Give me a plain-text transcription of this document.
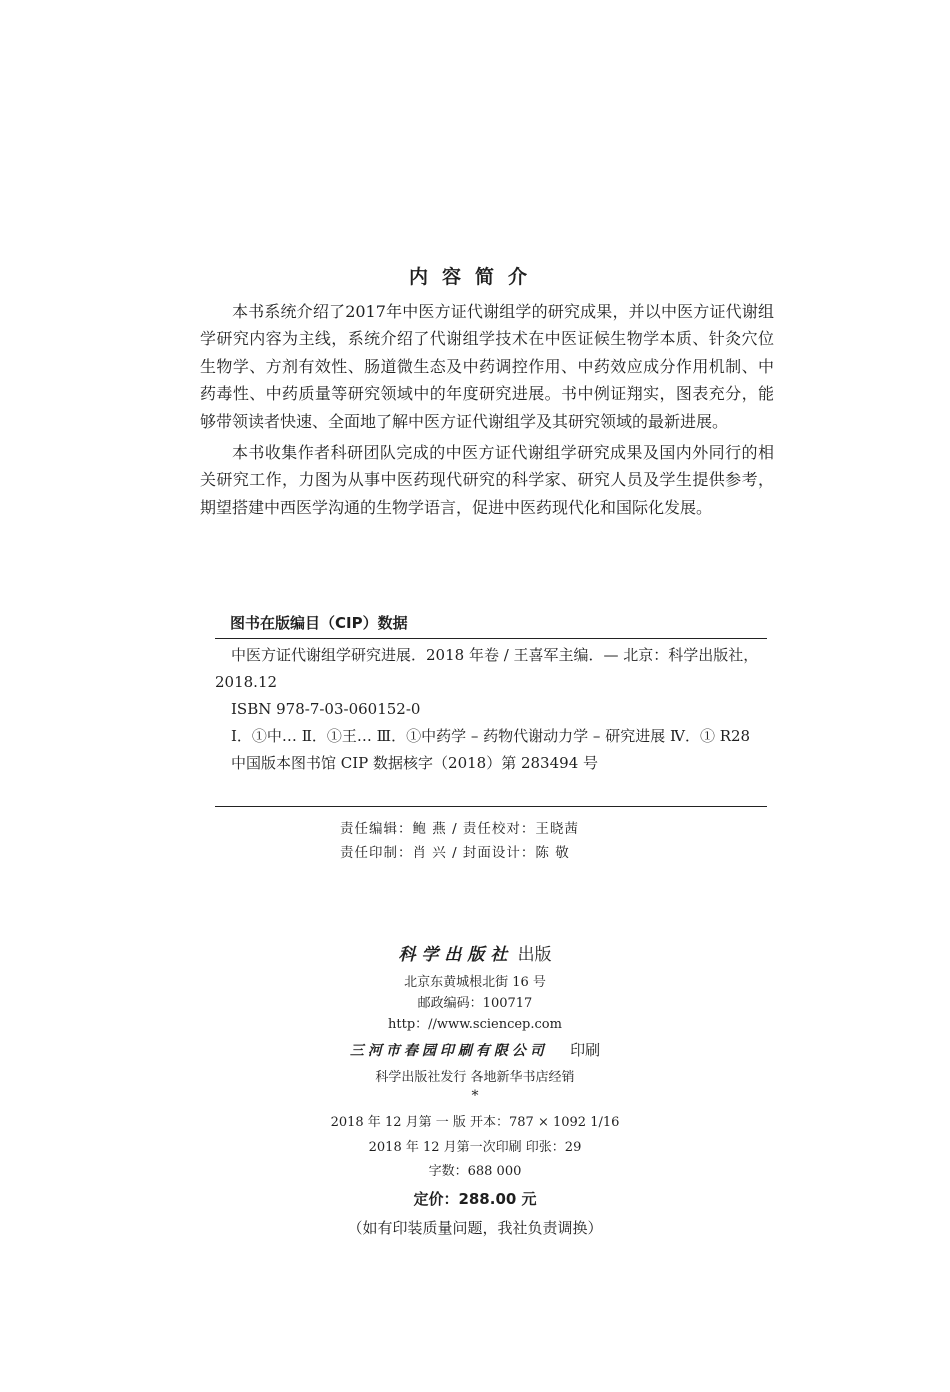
内容简介

本书系统介绍了2017年中医方证代谢组学的研究成果，并以中医方证代谢组学研究内容为主线，系统介绍了代谢组学技术在中医证候生物学本质、针灸穴位生物学、方剂有效性、肠道微生态及中药调控作用、中药效应成分作用机制、中药毒性、中药质量等研究领域中的年度研究进展。书中例证翔实，图表充分，能够带领读者快速、全面地了解中医方证代谢组学及其研究领域的最新进展。

本书收集作者科研团队完成的中医方证代谢组学研究成果及国内外同行的相关研究工作，力图为从事中医药现代研究的科学家、研究人员及学生提供参考，期望搭建中西医学沟通的生物学语言，促进中医药现代化和国际化发展。

图书在版编目（CIP）数据

中医方证代谢组学研究进展．2018 年卷 / 王喜军主编．— 北京：科学出版社，2018.12

ISBN 978-7-03-060152-0

Ⅰ．①中… Ⅱ．①王… Ⅲ．①中药学 – 药物代谢动力学 – 研究进展 Ⅳ．① R28

中国版本图书馆 CIP 数据核字（2018）第 283494 号

责任编辑：鲍 燕 / 责任校对：王晓茜
责任印制：肖 兴 / 封面设计：陈 敬
科学出版社 出版
北京东黄城根北街 16 号
邮政编码：100717
http：//www.sciencep.com
三河市春园印刷有限公司 印刷
科学出版社发行 各地新华书店经销
*
2018 年 12 月第 一 版 开本：787 × 1092 1/16
2018 年 12 月第一次印刷 印张：29
字数：688 000
定价：288.00 元
（如有印装质量问题，我社负责调换）
